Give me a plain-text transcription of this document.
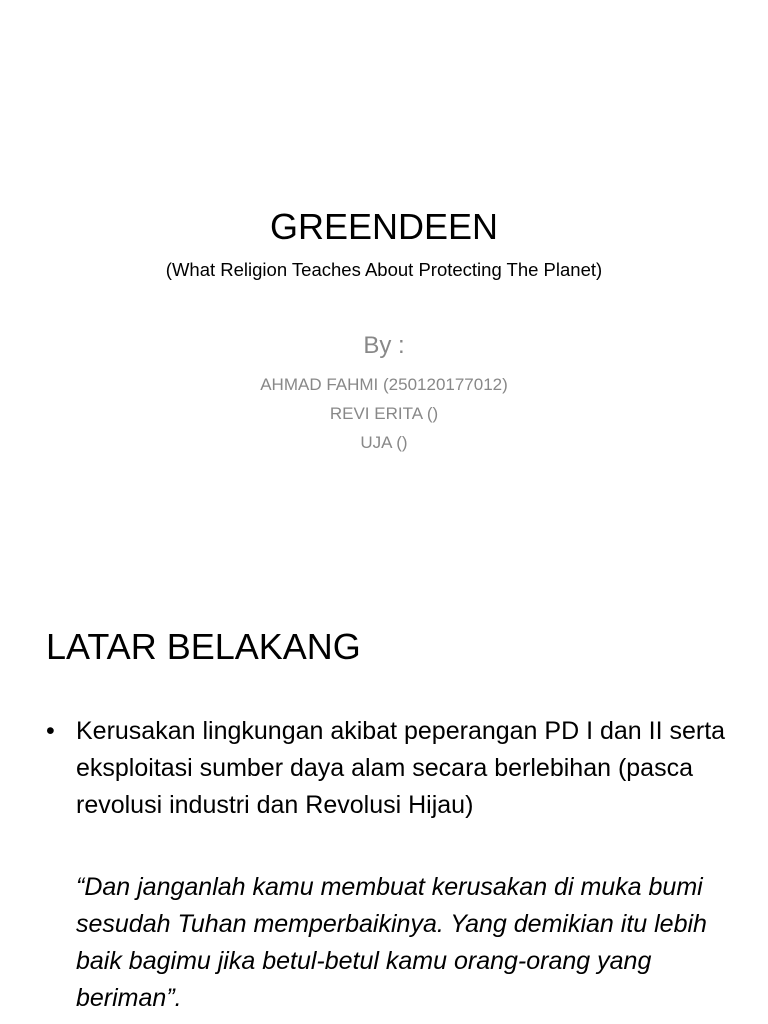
GREENDEEN
(What Religion Teaches About Protecting The Planet)
By :
AHMAD FAHMI (250120177012)
REVI ERITA ()
UJA ()
LATAR BELAKANG
• Kerusakan lingkungan akibat peperangan PD I dan II serta eksploitasi sumber daya alam secara berlebihan (pasca revolusi industri dan Revolusi Hijau)
“Dan janganlah kamu membuat kerusakan di muka bumi sesudah Tuhan memperbaikinya. Yang demikian itu lebih baik bagimu jika betul-betul kamu orang-orang yang beriman”.
